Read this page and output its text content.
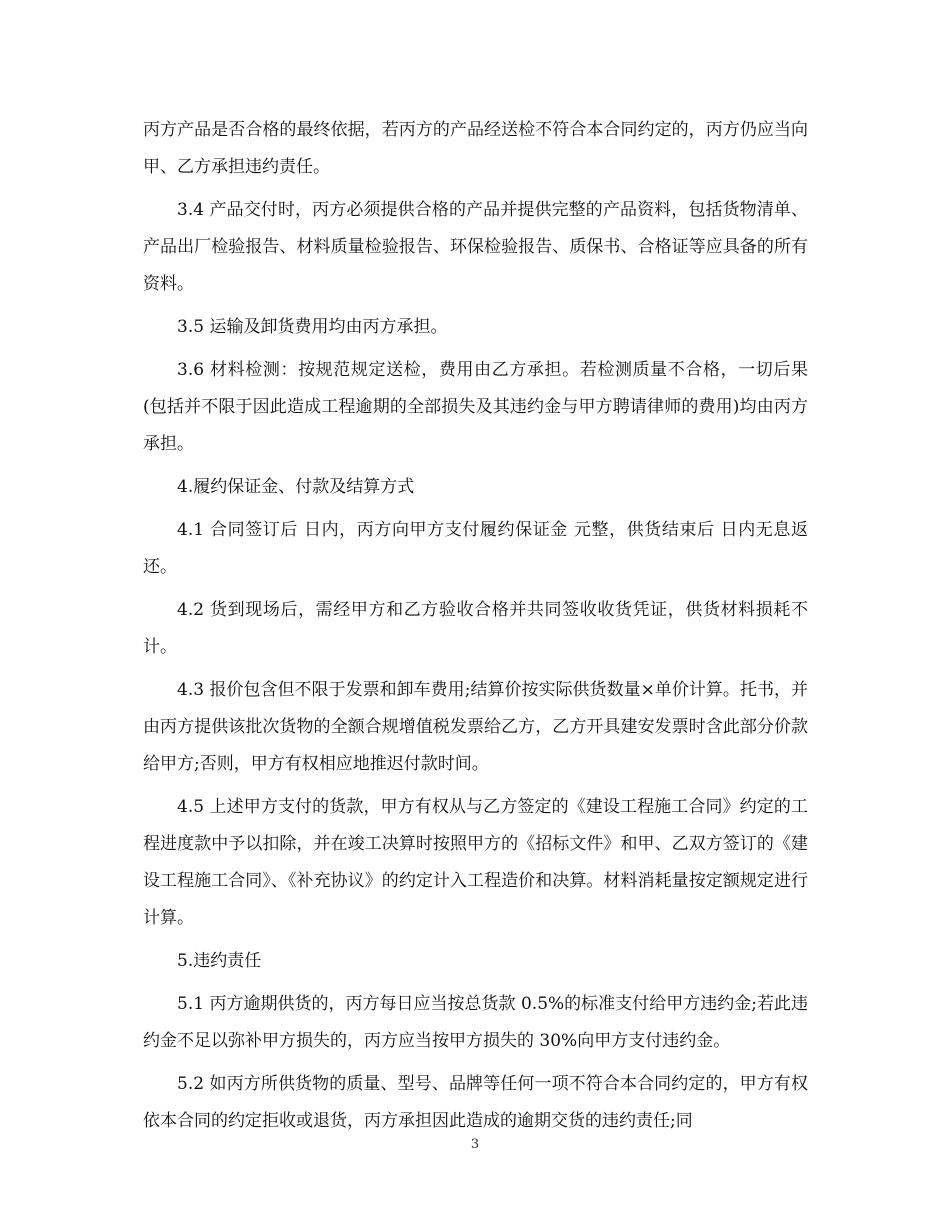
丙方产品是否合格的最终依据，若丙方的产品经送检不符合本合同约定的，丙方仍应当向甲、乙方承担违约责任。

3.4 产品交付时，丙方必须提供合格的产品并提供完整的产品资料，包括货物清单、产品出厂检验报告、材料质量检验报告、环保检验报告、质保书、合格证等应具备的所有资料。

3.5 运输及卸货费用均由丙方承担。

3.6 材料检测：按规范规定送检，费用由乙方承担。若检测质量不合格，一切后果(包括并不限于因此造成工程逾期的全部损失及其违约金与甲方聘请律师的费用)均由丙方承担。

4.履约保证金、付款及结算方式

4.1 合同签订后 日内，丙方向甲方支付履约保证金 元整，供货结束后 日内无息返还。

4.2 货到现场后，需经甲方和乙方验收合格并共同签收收货凭证，供货材料损耗不计。

4.3 报价包含但不限于发票和卸车费用;结算价按实际供货数量×单价计算。托书，并由丙方提供该批次货物的全额合规增值税发票给乙方，乙方开具建安发票时含此部分价款给甲方;否则，甲方有权相应地推迟付款时间。

4.5 上述甲方支付的货款，甲方有权从与乙方签定的《建设工程施工合同》约定的工程进度款中予以扣除，并在竣工决算时按照甲方的《招标文件》和甲、乙双方签订的《建设工程施工合同》、《补充协议》的约定计入工程造价和决算。材料消耗量按定额规定进行计算。

5.违约责任

5.1 丙方逾期供货的，丙方每日应当按总货款 0.5%的标准支付给甲方违约金;若此违约金不足以弥补甲方损失的，丙方应当按甲方损失的 30%向甲方支付违约金。

5.2 如丙方所供货物的质量、型号、品牌等任何一项不符合本合同约定的，甲方有权依本合同的约定拒收或退货，丙方承担因此造成的逾期交货的违约责任;同

3
